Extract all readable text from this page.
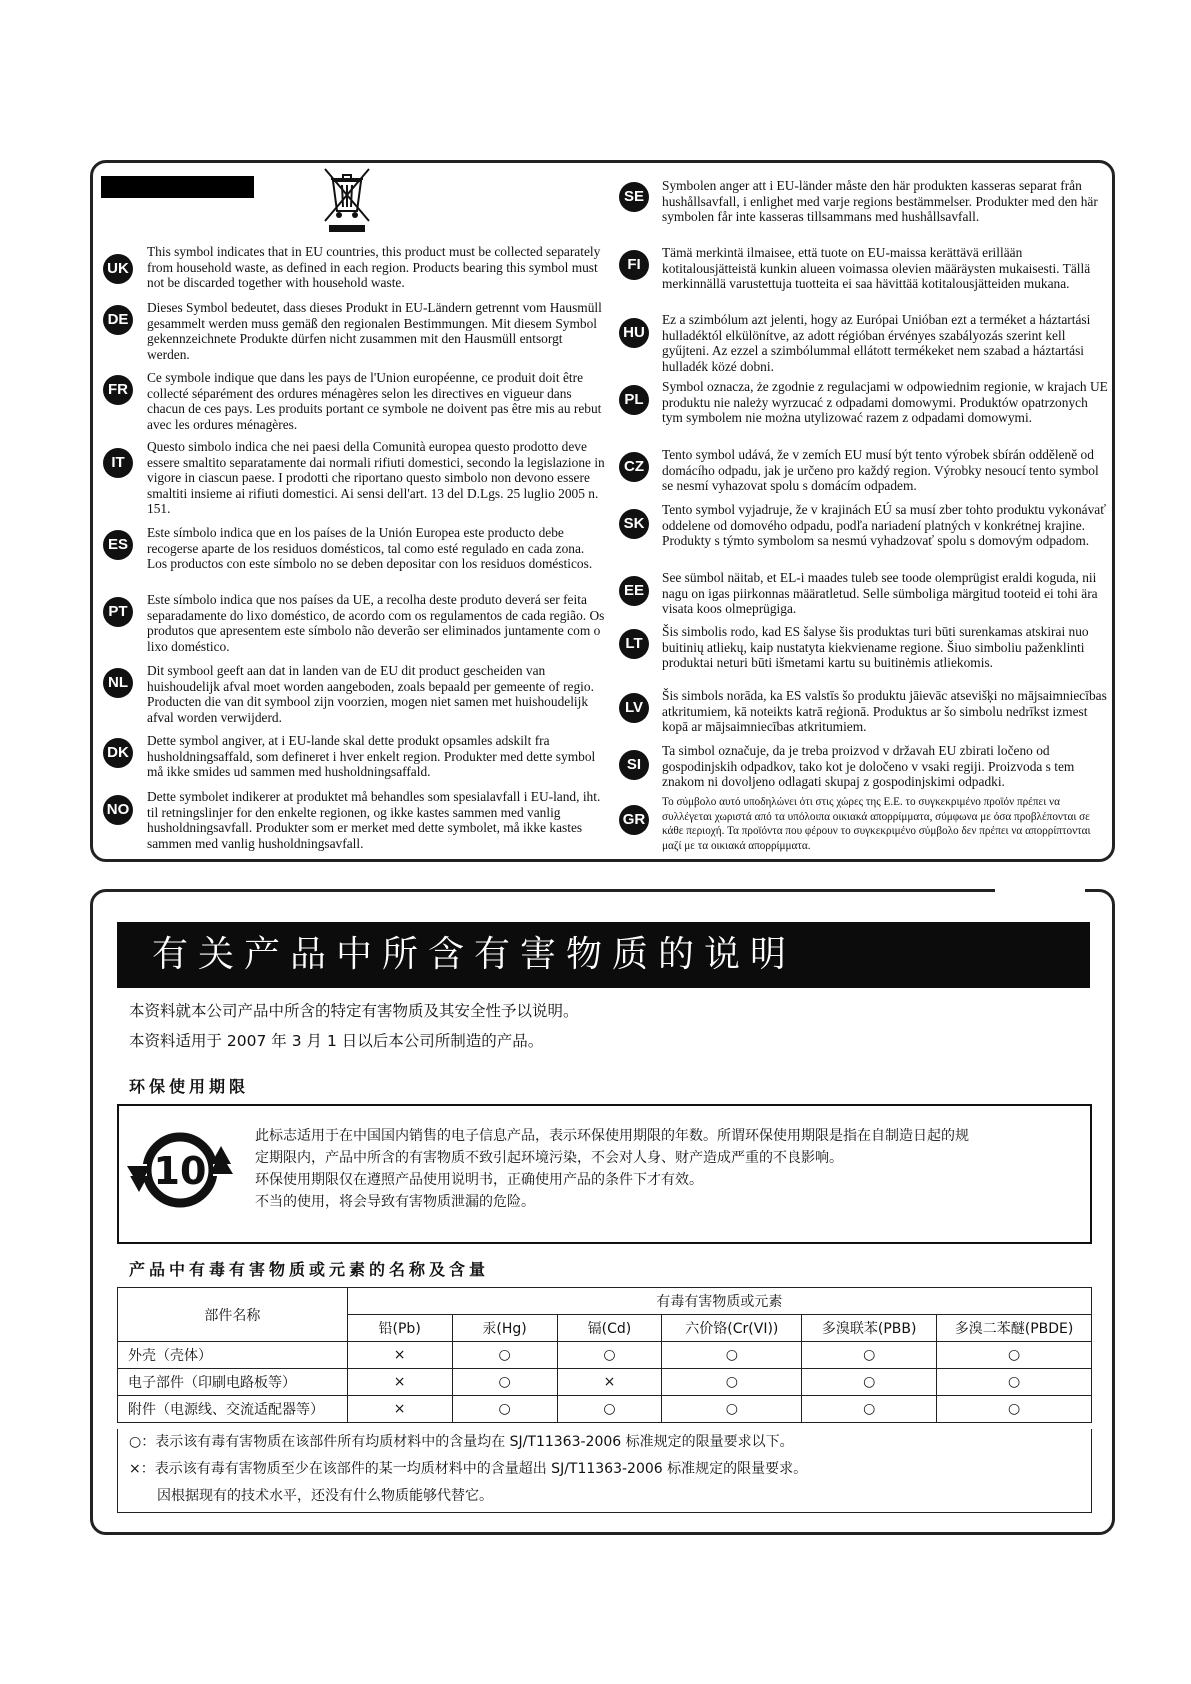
UK

This symbol indicates that in EU countries, this product must be collected separately from household waste, as defined in each region. Products bearing this symbol must not be discarded together with household waste.

DE

Dieses Symbol bedeutet, dass dieses Produkt in EU-Ländern getrennt vom Hausmüll gesammelt werden muss gemäß den regionalen Bestimmungen. Mit diesem Symbol gekennzeichnete Produkte dürfen nicht zusammen mit den Hausmüll entsorgt werden.

FR

Ce symbole indique que dans les pays de l'Union européenne, ce produit doit être collecté séparément des ordures ménagères selon les directives en vigueur dans chacun de ces pays. Les produits portant ce symbole ne doivent pas être mis au rebut avec les ordures ménagères.

IT

Questo simbolo indica che nei paesi della Comunità europea questo prodotto deve essere smaltito separatamente dai normali rifiuti domestici, secondo la legislazione in vigore in ciascun paese. I prodotti che riportano questo simbolo non devono essere smaltiti insieme ai rifiuti domestici. Ai sensi dell'art. 13 del D.Lgs. 25 luglio 2005 n. 151.

ES

Este símbolo indica que en los países de la Unión Europea este producto debe recogerse aparte de los residuos domésticos, tal como esté regulado en cada zona. Los productos con este símbolo no se deben depositar con los residuos domésticos.

PT

Este símbolo indica que nos países da UE, a recolha deste produto deverá ser feita separadamente do lixo doméstico, de acordo com os regulamentos de cada região. Os produtos que apresentem este símbolo não deverão ser eliminados juntamente com o lixo doméstico.

NL

Dit symbool geeft aan dat in landen van de EU dit product gescheiden van huishoudelijk afval moet worden aangeboden, zoals bepaald per gemeente of regio. Producten die van dit symbool zijn voorzien, mogen niet samen met huishoudelijk afval worden verwijderd.

DK

Dette symbol angiver, at i EU-lande skal dette produkt opsamles adskilt fra husholdningsaffald, som defineret i hver enkelt region. Produkter med dette symbol må ikke smides ud sammen med husholdningsaffald.

NO

Dette symbolet indikerer at produktet må behandles som spesialavfall i EU-land, iht. til retningslinjer for den enkelte regionen, og ikke kastes sammen med vanlig husholdningsavfall. Produkter som er merket med dette symbolet, må ikke kastes sammen med vanlig husholdningsavfall.

SE

Symbolen anger att i EU-länder måste den här produkten kasseras separat från hushållsavfall, i enlighet med varje regions bestämmelser. Produkter med den här symbolen får inte kasseras tillsammans med hushållsavfall.

FI

Tämä merkintä ilmaisee, että tuote on EU-maissa kerättävä erillään kotitalousjätteistä kunkin alueen voimassa olevien määräysten mukaisesti. Tällä merkinnällä varustettuja tuotteita ei saa hävittää kotitalousjätteiden mukana.

HU

Ez a szimbólum azt jelenti, hogy az Európai Unióban ezt a terméket a háztartási hulladéktól elkülönítve, az adott régióban érvényes szabályozás szerint kell gyűjteni. Az ezzel a szimbólummal ellátott termékeket nem szabad a háztartási hulladék közé dobni.

PL

Symbol oznacza, że zgodnie z regulacjami w odpowiednim regionie, w krajach UE produktu nie należy wyrzucać z odpadami domowymi. Produktów opatrzonych tym symbolem nie można utylizować razem z odpadami domowymi.

CZ

Tento symbol udává, že v zemích EU musí být tento výrobek sbírán odděleně od domácího odpadu, jak je určeno pro každý region. Výrobky nesoucí tento symbol se nesmí vyhazovat spolu s domácím odpadem.

SK

Tento symbol vyjadruje, že v krajinách EÚ sa musí zber tohto produktu vykonávať oddelene od domového odpadu, podľa nariadení platných v konkrétnej krajine. Produkty s týmto symbolom sa nesmú vyhadzovať spolu s domovým odpadom.

EE

See sümbol näitab, et EL-i maades tuleb see toode olemprügist eraldi koguda, nii nagu on igas piirkonnas määratletud. Selle sümboliga märgitud tooteid ei tohi ära visata koos olmeprügiga.

LT

Šis simbolis rodo, kad ES šalyse šis produktas turi būti surenkamas atskirai nuo buitinių atliekų, kaip nustatyta kiekviename regione. Šiuo simboliu paženklinti produktai neturi būti išmetami kartu su buitinėmis atliekomis.

LV

Šis simbols norāda, ka ES valstīs šo produktu jāievāc atsevišķi no mājsaimniecības atkritumiem, kā noteikts katrā reģionā. Produktus ar šo simbolu nedrīkst izmest kopā ar mājsaimniecības atkritumiem.

SI

Ta simbol označuje, da je treba proizvod v državah EU zbirati ločeno od gospodinjskih odpadkov, tako kot je določeno v vsaki regiji. Proizvoda s tem znakom ni dovoljeno odlagati skupaj z gospodinjskimi odpadki.

GR

Το σύμβολο αυτό υποδηλώνει ότι στις χώρες της Ε.Ε. το συγκεκριμένο προϊόν πρέπει να συλλέγεται χωριστά από τα υπόλοιπα οικιακά απορρίμματα, σύμφωνα με όσα προβλέπονται σε κάθε περιοχή. Τα προϊόντα που φέρουν το συγκεκριμένο σύμβολο δεν πρέπει να απορρίπτονται μαζί με τα οικιακά απορρίμματα.

有关产品中所含有害物质的说明
本资料就本公司产品中所含的特定有害物质及其安全性予以说明。
本资料适用于 2007 年 3 月 1 日以后本公司所制造的产品。
环保使用期限
10
此标志适用于在中国国内销售的电子信息产品，表示环保使用期限的年数。所谓环保使用期限是指在自制造日起的规
定期限内，产品中所含的有害物质不致引起环境污染，不会对人身、财产造成严重的不良影响。
环保使用期限仅在遵照产品使用说明书，正确使用产品的条件下才有效。
不当的使用，将会导致有害物质泄漏的危险。
产品中有毒有害物质或元素的名称及含量
部件名称	有毒有害物质或元素					
	铅(Pb)	汞(Hg)	镉(Cd)	六价铬(Cr(VI))	多溴联苯(PBB)	多溴二苯醚(PBDE)
外壳（壳体）	×	○	○	○	○	○
电子部件（印刷电路板等）	×	○	×	○	○	○
附件（电源线、交流适配器等）	×	○	○	○	○	○
○：表示该有毒有害物质在该部件所有均质材料中的含量均在 SJ/T11363-2006 标准规定的限量要求以下。
×：表示该有毒有害物质至少在该部件的某一均质材料中的含量超出 SJ/T11363-2006 标准规定的限量要求。
　　因根据现有的技术水平，还没有什么物质能够代替它。
